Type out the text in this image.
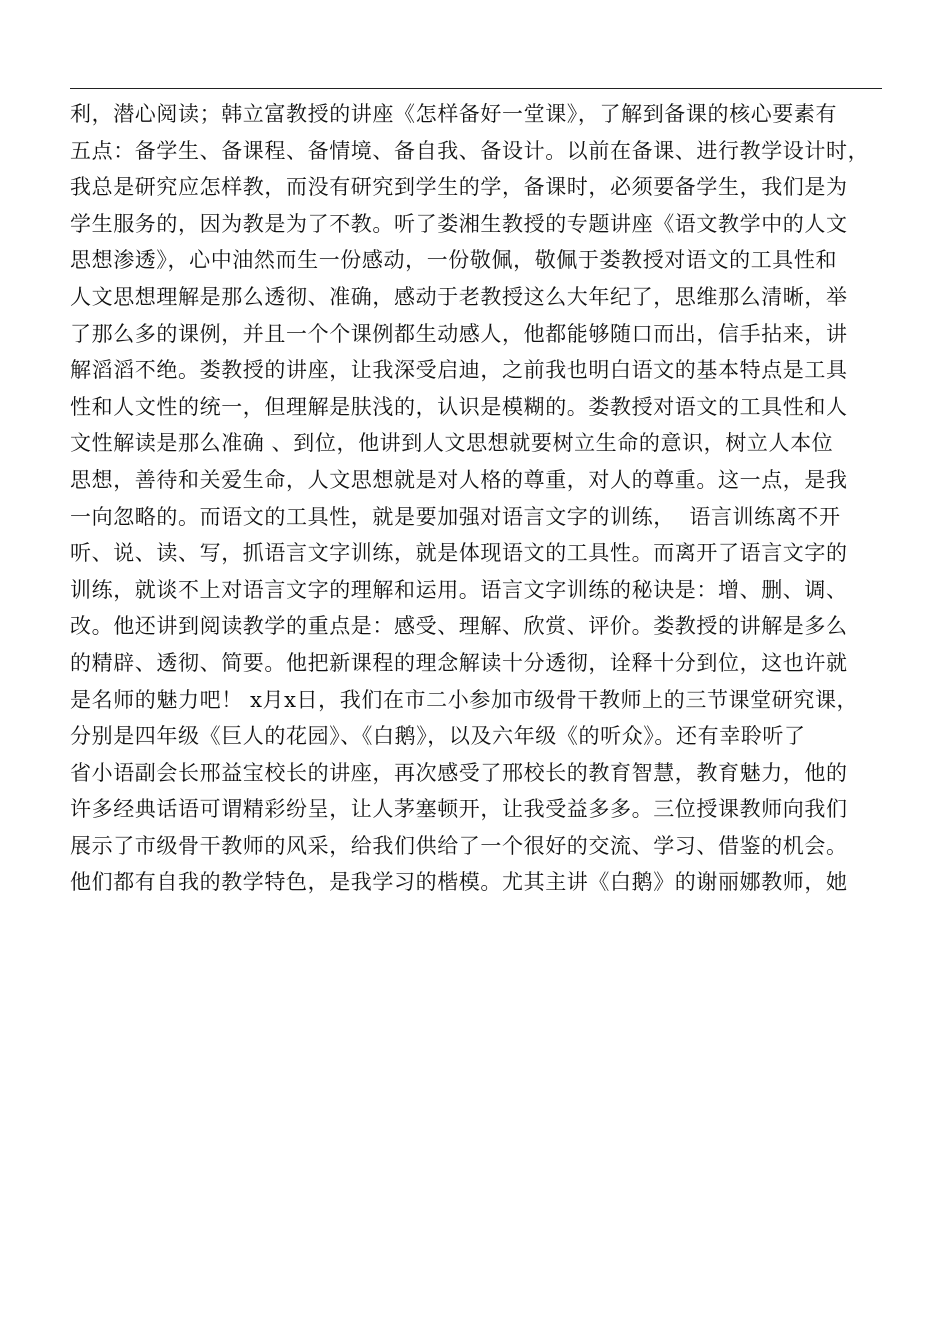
利，潜心阅读；韩立富教授的讲座《怎样备好一堂课》，了解到备课的核心要素有
五点：备学生、备课程、备情境、备自我、备设计。以前在备课、进行教学设计时，
我总是研究应怎样教，而没有研究到学生的学，备课时，必须要备学生，我们是为
学生服务的，因为教是为了不教。听了娄湘生教授的专题讲座《语文教学中的人文
思想渗透》，心中油然而生一份感动，一份敬佩，敬佩于娄教授对语文的工具性和
人文思想理解是那么透彻、准确，感动于老教授这么大年纪了，思维那么清晰，举
了那么多的课例，并且一个个课例都生动感人，他都能够随口而出，信手拈来，讲
解滔滔不绝。娄教授的讲座，让我深受启迪，之前我也明白语文的基本特点是工具
性和人文性的统一，但理解是肤浅的，认识是模糊的。娄教授对语文的工具性和人
文性解读是那么准确 、到位，他讲到人文思想就要树立生命的意识，树立人本位
思想，善待和关爱生命，人文思想就是对人格的尊重，对人的尊重。这一点，是我
一向忽略的。而语文的工具性，就是要加强对语言文字的训练，  语言训练离不开
听、说、读、写，抓语言文字训练，就是体现语文的工具性。而离开了语言文字的
训练，就谈不上对语言文字的理解和运用。语言文字训练的秘诀是：增、删、调、
改。他还讲到阅读教学的重点是：感受、理解、欣赏、评价。娄教授的讲解是多么
的精辟、透彻、简要。他把新课程的理念解读十分透彻，诠释十分到位，这也许就
是名师的魅力吧！ x月x日，我们在市二小参加市级骨干教师上的三节课堂研究课，
分别是四年级《巨人的花园》、《白鹅》，以及六年级《的听众》。还有幸聆听了
省小语副会长邢益宝校长的讲座，再次感受了邢校长的教育智慧，教育魅力，他的
许多经典话语可谓精彩纷呈，让人茅塞顿开，让我受益多多。三位授课教师向我们
展示了市级骨干教师的风采，给我们供给了一个很好的交流、学习、借鉴的机会。
他们都有自我的教学特色，是我学习的楷模。尤其主讲《白鹅》的谢丽娜教师，她
